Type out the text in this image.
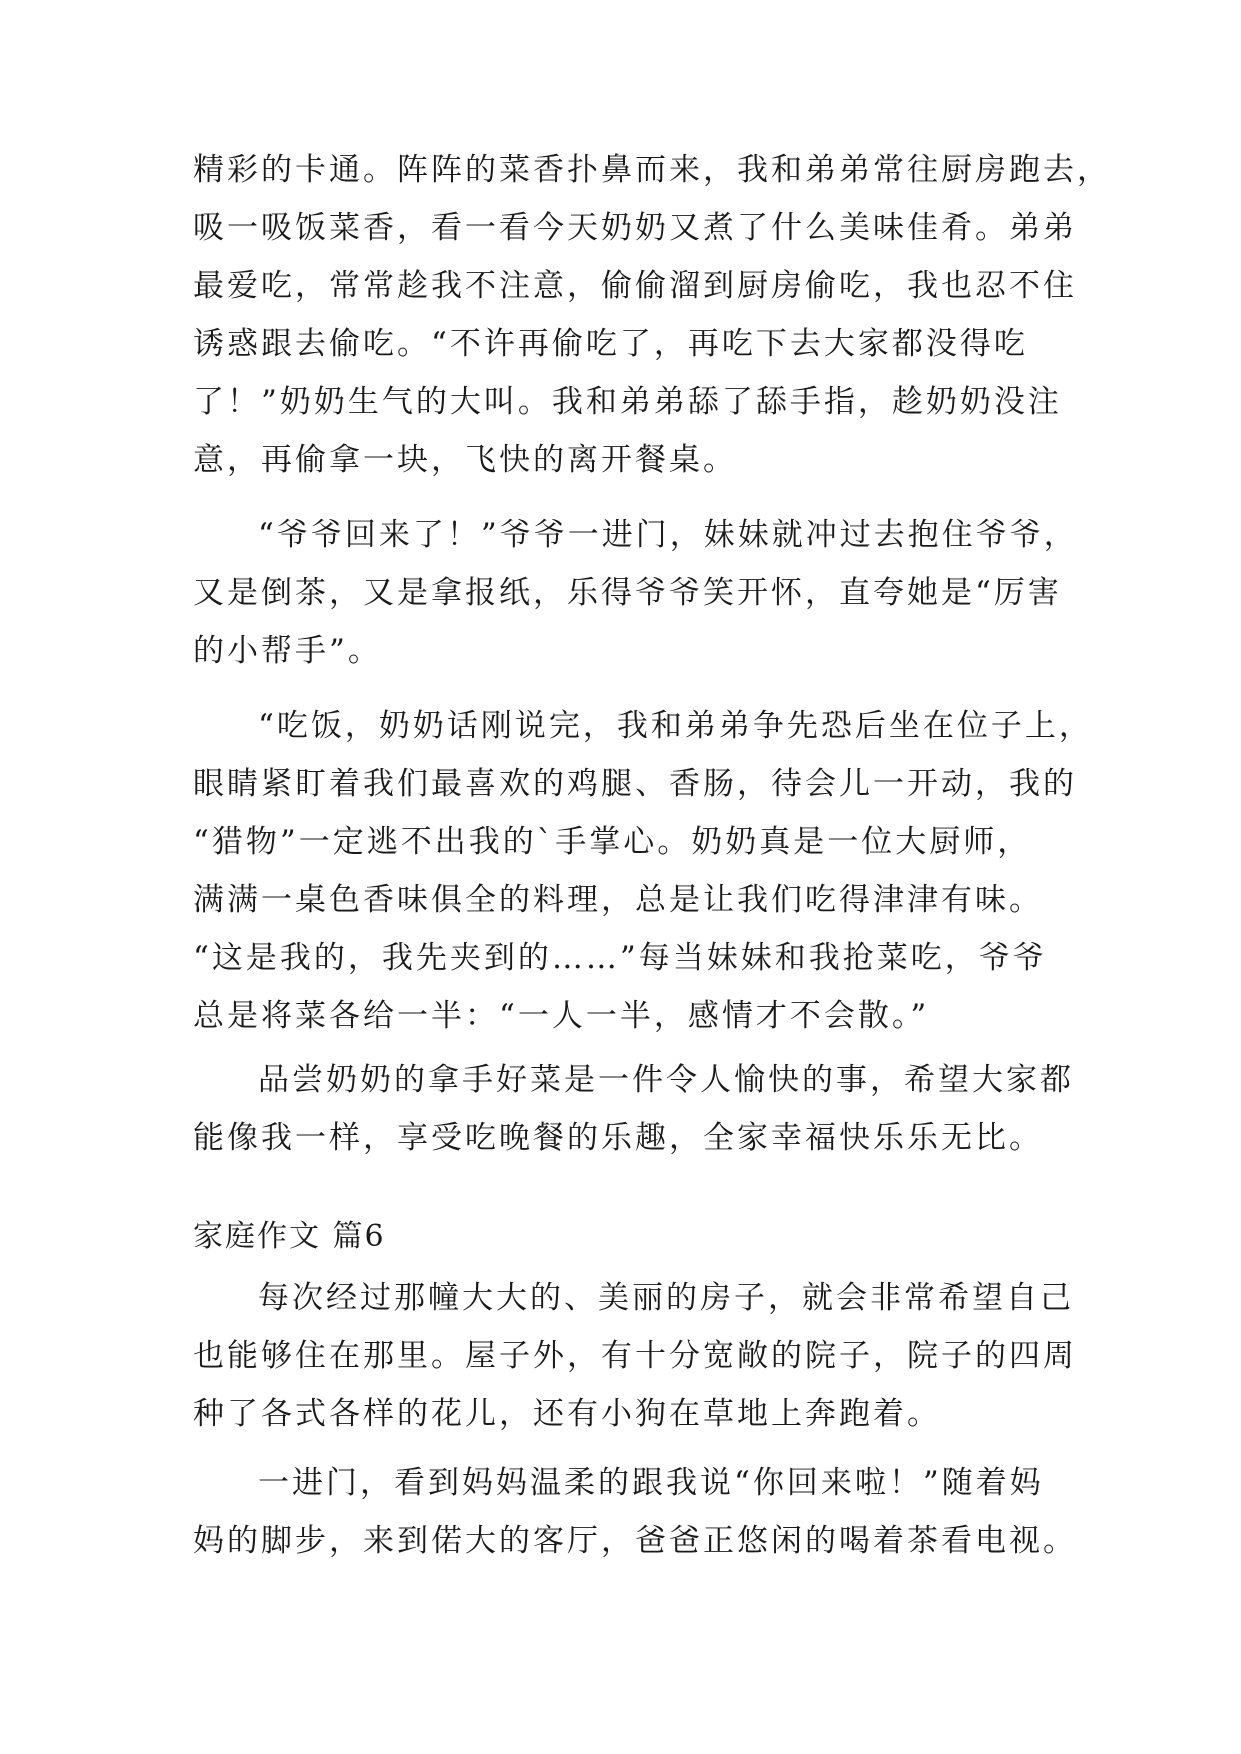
精彩的卡通。阵阵的菜香扑鼻而来，我和弟弟常往厨房跑去，
吸一吸饭菜香，看一看今天奶奶又煮了什么美味佳肴。弟弟
最爱吃，常常趁我不注意，偷偷溜到厨房偷吃，我也忍不住
诱惑跟去偷吃。“不许再偷吃了，再吃下去大家都没得吃
了！”奶奶生气的大叫。我和弟弟舔了舔手指，趁奶奶没注
意，再偷拿一块，飞快的离开餐桌。
“爷爷回来了！”爷爷一进门，妹妹就冲过去抱住爷爷，
又是倒茶，又是拿报纸，乐得爷爷笑开怀，直夸她是“厉害
的小帮手”。
“吃饭，奶奶话刚说完，我和弟弟争先恐后坐在位子上，
眼睛紧盯着我们最喜欢的鸡腿、香肠，待会儿一开动，我的
“猎物”一定逃不出我的`手掌心。奶奶真是一位大厨师，
满满一桌色香味俱全的料理，总是让我们吃得津津有味。
“这是我的，我先夹到的……”每当妹妹和我抢菜吃，爷爷
总是将菜各给一半：“一人一半，感情才不会散。”
品尝奶奶的拿手好菜是一件令人愉快的事，希望大家都
能像我一样，享受吃晚餐的乐趣，全家幸福快乐乐无比。
家庭作文 篇6
每次经过那幢大大的、美丽的房子，就会非常希望自己
也能够住在那里。屋子外，有十分宽敞的院子，院子的四周
种了各式各样的花儿，还有小狗在草地上奔跑着。
一进门，看到妈妈温柔的跟我说“你回来啦！”随着妈
妈的脚步，来到偌大的客厅，爸爸正悠闲的喝着茶看电视。
